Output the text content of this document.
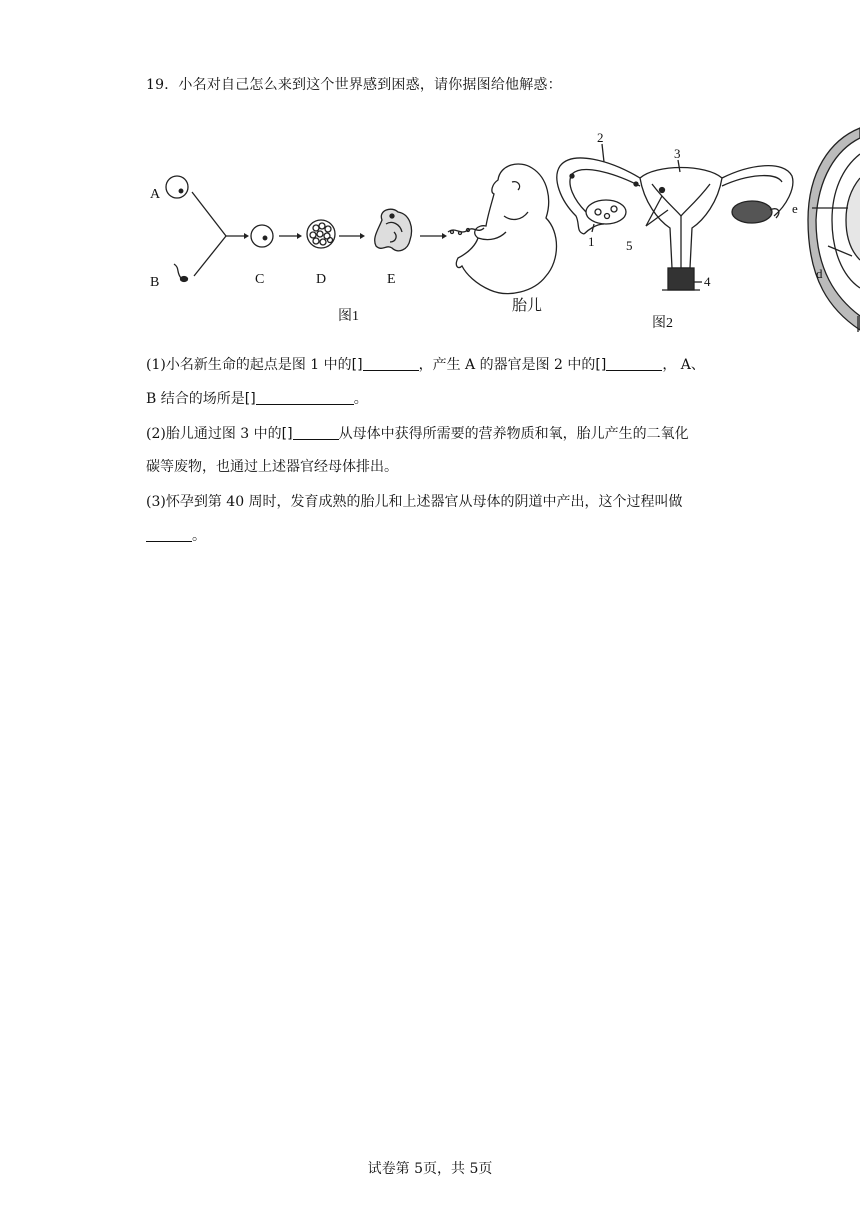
19．小名对自己怎么来到这个世界感到困惑，请你据图给他解惑：
A
B	C	D	E
图1
胎儿
1
2
3
4
5
图2
e
d
(1)小名新生命的起点是图 1 中的[]	，产生 A 的器官是图 2 中的[]	， A、
B 结合的场所是[]	。
(2)胎儿通过图 3 中的[]	从母体中获得所需要的营养物质和氧，胎儿产生的二氧化
碳等废物，也通过上述器官经母体排出。
(3)怀孕到第 40 周时，发育成熟的胎儿和上述器官从母体的阴道中产出，这个过程叫做
。
试卷第 5页，共 5页
